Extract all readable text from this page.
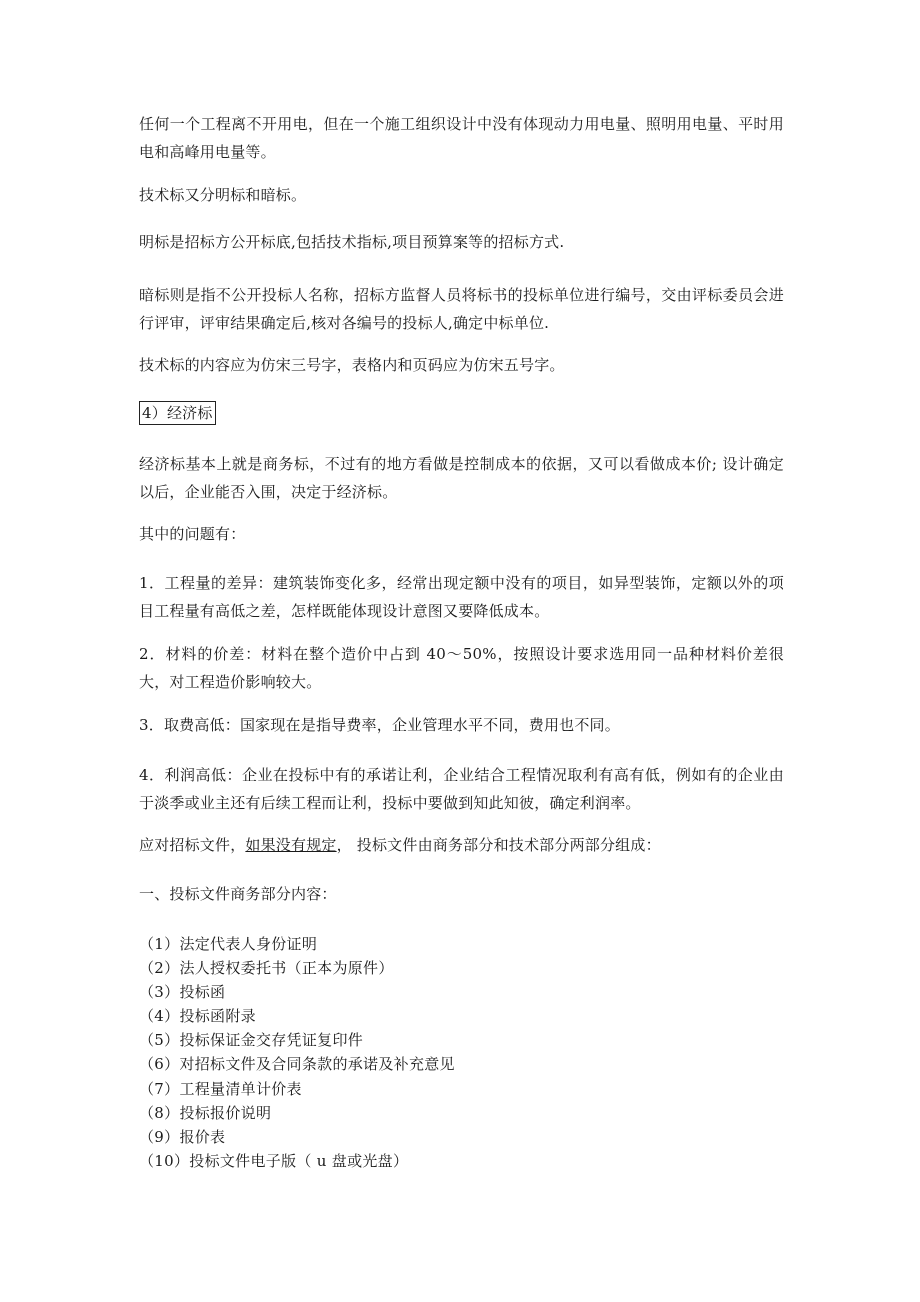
任何一个工程离不开用电，但在一个施工组织设计中没有体现动力用电量、照明用电量、平时用电和高峰用电量等。

技术标又分明标和暗标。

明标是招标方公开标底,包括技术指标,项目预算案等的招标方式.

暗标则是指不公开投标人名称，招标方监督人员将标书的投标单位进行编号，交由评标委员会进行评审，评审结果确定后,核对各编号的投标人,确定中标单位.

技术标的内容应为仿宋三号字，表格内和页码应为仿宋五号字。

4）经济标

经济标基本上就是商务标，不过有的地方看做是控制成本的依据，又可以看做成本价; 设计确定以后，企业能否入围，决定于经济标。

其中的问题有：

1．工程量的差异：建筑装饰变化多，经常出现定额中没有的项目，如异型装饰，定额以外的项目工程量有高低之差，怎样既能体现设计意图又要降低成本。

2．材料的价差：材料在整个造价中占到 40～50%，按照设计要求选用同一品种材料价差很大，对工程造价影响较大。

3．取费高低：国家现在是指导费率，企业管理水平不同，费用也不同。

4．利润高低：企业在投标中有的承诺让利，企业结合工程情况取利有高有低，例如有的企业由于淡季或业主还有后续工程而让利，投标中要做到知此知彼，确定利润率。

应对招标文件，如果没有规定， 投标文件由商务部分和技术部分两部分组成：

一、投标文件商务部分内容：

（1）法定代表人身份证明
（2）法人授权委托书（正本为原件）
（3）投标函
（4）投标函附录
（5）投标保证金交存凭证复印件
（6）对招标文件及合同条款的承诺及补充意见
（7）工程量清单计价表
（8）投标报价说明
（9）报价表
（10）投标文件电子版（ u 盘或光盘）
